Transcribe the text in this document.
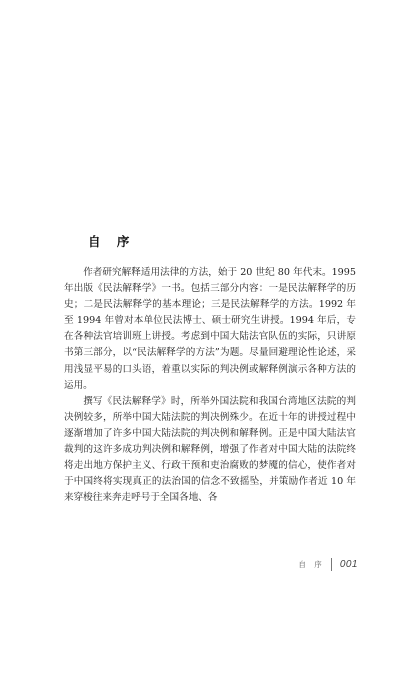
自 序

作者研究解释适用法律的方法，始于 20 世纪 80 年代末。1995 年出版《民法解释学》一书。包括三部分内容：一是民法解释学的历史；二是民法解释学的基本理论；三是民法解释学的方法。1992 年至 1994 年曾对本单位民法博士、硕士研究生讲授。1994 年后，专在各种法官培训班上讲授。考虑到中国大陆法官队伍的实际，只讲原书第三部分，以“民法解释学的方法”为题。尽量回避理论性论述，采用浅显平易的口头语，着重以实际的判决例或解释例演示各种方法的运用。

撰写《民法解释学》时，所举外国法院和我国台湾地区法院的判决例较多，所举中国大陆法院的判决例殊少。在近十年的讲授过程中逐渐增加了许多中国大陆法院的判决例和解释例。正是中国大陆法官裁判的这许多成功判决例和解释例，增强了作者对中国大陆的法院终将走出地方保护主义、行政干预和吏治腐败的梦魇的信心，使作者对于中国终将实现真正的法治国的信念不致摇坠，并策励作者近 10 年来穿梭往来奔走呼号于全国各地、各

自 序 001
